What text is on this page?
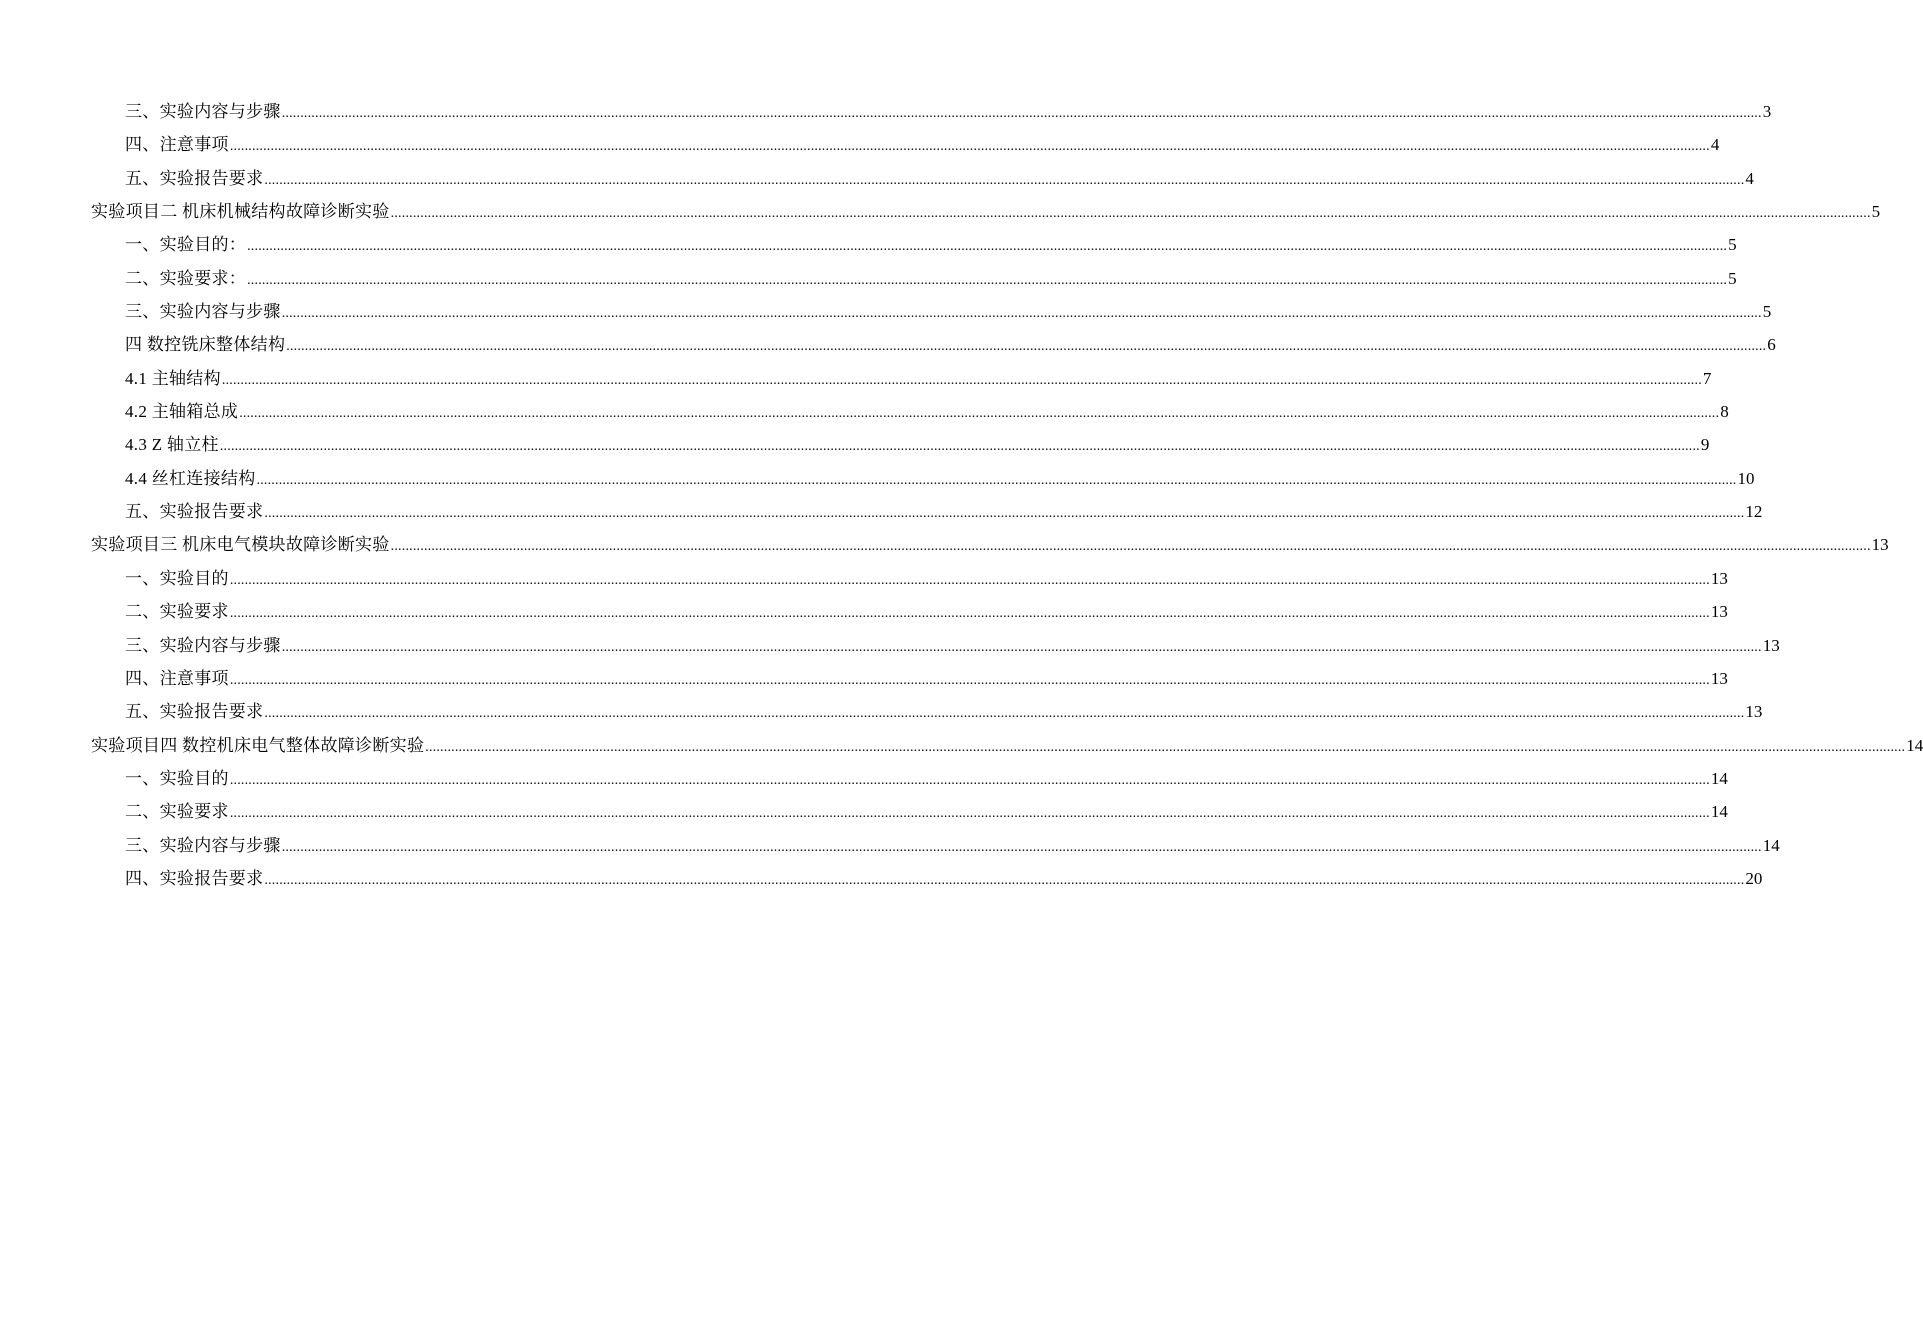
三、实验内容与步骤 ................................................................................................................................................................................................................................................................................................................................................................................................................ 3
四、注意事项 ................................................................................................................................................................................................................................................................................................................................................................................................................ 4
五、实验报告要求 ................................................................................................................................................................................................................................................................................................................................................................................................................ 4
实验项目二 机床机械结构故障诊断实验 ................................................................................................................................................................................................................................................................................................................................................................................................................ 5
一、实验目的： ................................................................................................................................................................................................................................................................................................................................................................................................................ 5
二、实验要求： ................................................................................................................................................................................................................................................................................................................................................................................................................ 5
三、实验内容与步骤 ................................................................................................................................................................................................................................................................................................................................................................................................................ 5
四 数控铣床整体结构 ................................................................................................................................................................................................................................................................................................................................................................................................................ 6
4.1 主轴结构 ................................................................................................................................................................................................................................................................................................................................................................................................................ 7
4.2 主轴箱总成 ................................................................................................................................................................................................................................................................................................................................................................................................................ 8
4.3 Z 轴立柱 ................................................................................................................................................................................................................................................................................................................................................................................................................ 9
4.4 丝杠连接结构 ................................................................................................................................................................................................................................................................................................................................................................................................................ 10
五、实验报告要求 ................................................................................................................................................................................................................................................................................................................................................................................................................ 12
实验项目三 机床电气模块故障诊断实验 ................................................................................................................................................................................................................................................................................................................................................................................................................ 13
一、实验目的 ................................................................................................................................................................................................................................................................................................................................................................................................................ 13
二、实验要求 ................................................................................................................................................................................................................................................................................................................................................................................................................ 13
三、实验内容与步骤 ................................................................................................................................................................................................................................................................................................................................................................................................................ 13
四、注意事项 ................................................................................................................................................................................................................................................................................................................................................................................................................ 13
五、实验报告要求 ................................................................................................................................................................................................................................................................................................................................................................................................................ 13
实验项目四 数控机床电气整体故障诊断实验 ................................................................................................................................................................................................................................................................................................................................................................................................................ 14
一、实验目的 ................................................................................................................................................................................................................................................................................................................................................................................................................ 14
二、实验要求 ................................................................................................................................................................................................................................................................................................................................................................................................................ 14
三、实验内容与步骤 ................................................................................................................................................................................................................................................................................................................................................................................................................ 14
四、实验报告要求 ................................................................................................................................................................................................................................................................................................................................................................................................................ 20
